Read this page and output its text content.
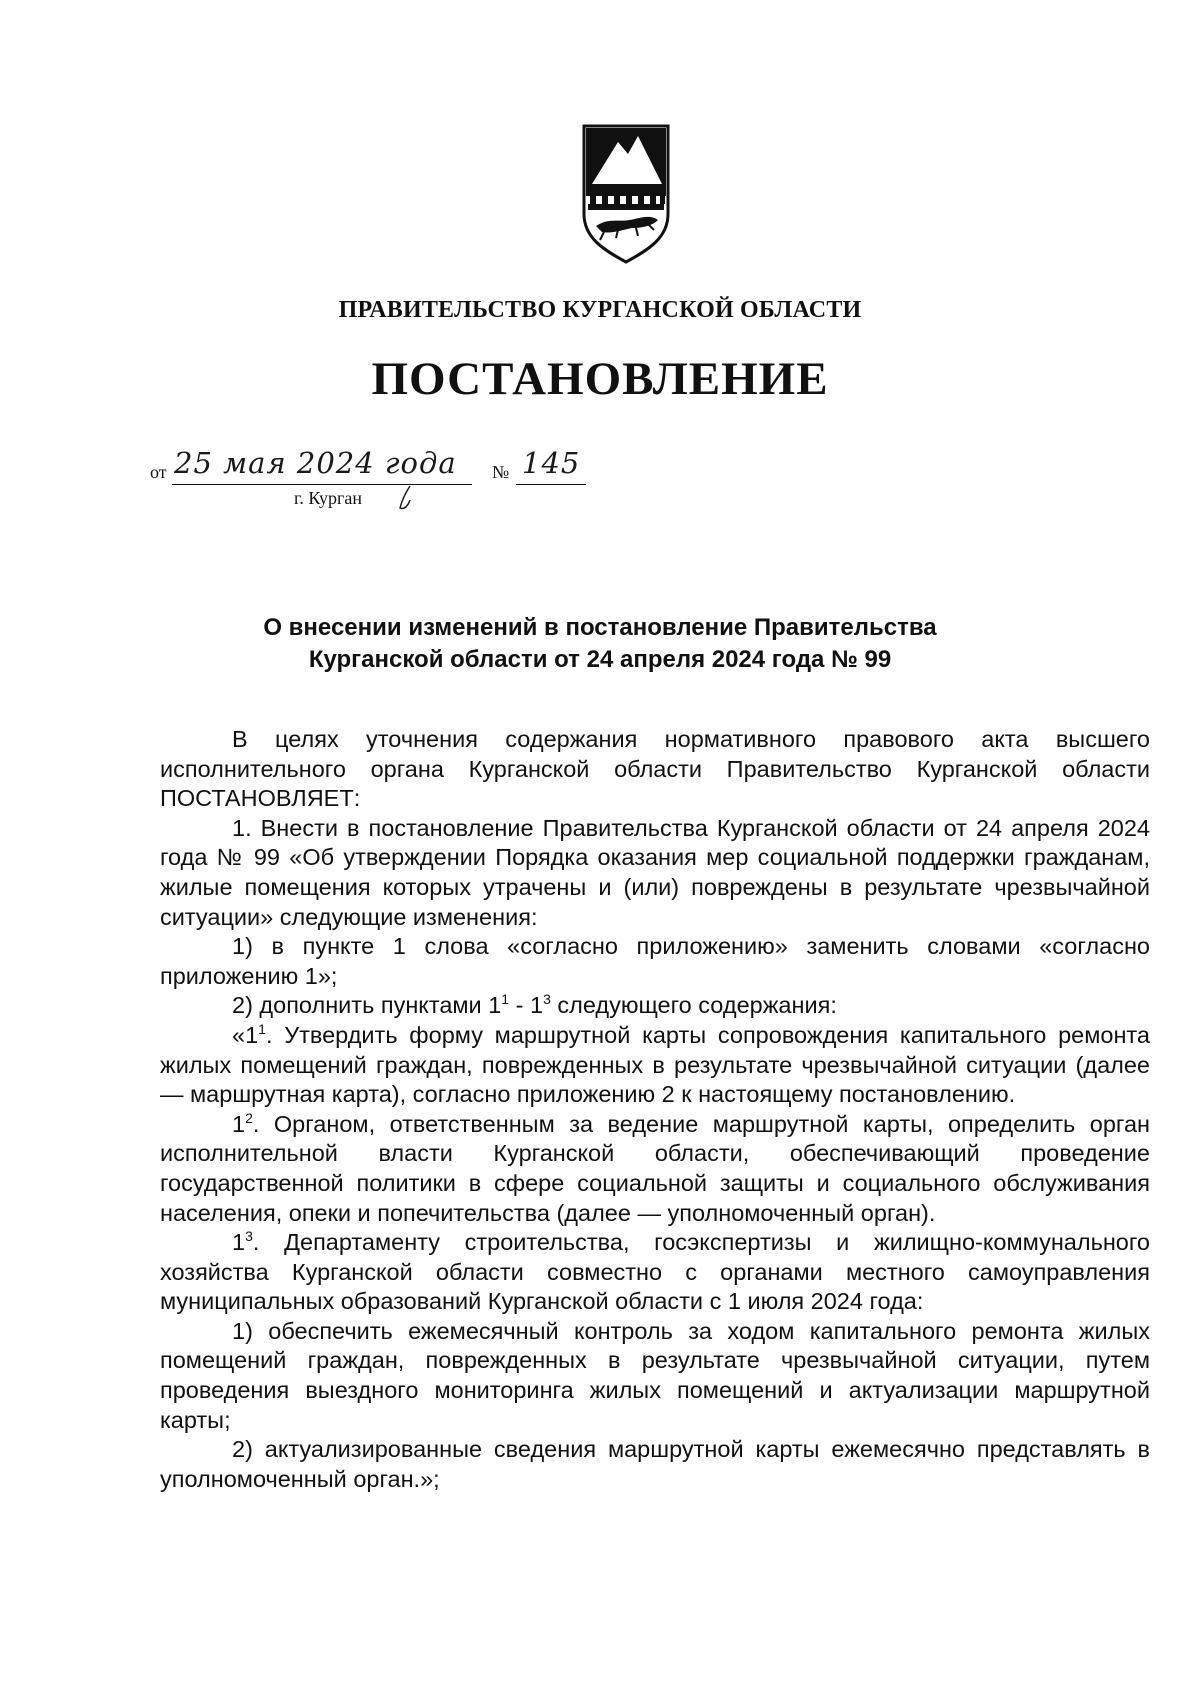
ПРАВИТЕЛЬСТВО КУРГАНСКОЙ ОБЛАСТИ
ПОСТАНОВЛЕНИЕ
от 25 мая 2024 года № 145
г. Курган
О внесении изменений в постановление Правительства
Курганской области от 24 апреля 2024 года № 99

В целях уточнения содержания нормативного правового акта высшего исполнительного органа Курганской области Правительство Курганской области ПОСТАНОВЛЯЕТ:

1. Внести в постановление Правительства Курганской области от 24 апреля 2024 года № 99 «Об утверждении Порядка оказания мер социальной поддержки гражданам, жилые помещения которых утрачены и (или) повреждены в результате чрезвычайной ситуации» следующие изменения:

1) в пункте 1 слова «согласно приложению» заменить словами «согласно приложению 1»;

2) дополнить пунктами $1^1 - 1^3$ следующего содержания:

«$1^1$. Утвердить форму маршрутной карты сопровождения капитального ремонта жилых помещений граждан, поврежденных в результате чрезвычайной ситуации (далее — маршрутная карта), согласно приложению 2 к настоящему постановлению.

$1^2$. Органом, ответственным за ведение маршрутной карты, определить орган исполнительной власти Курганской области, обеспечивающий проведение государственной политики в сфере социальной защиты и социального обслуживания населения, опеки и попечительства (далее — уполномоченный орган).

$1^3$. Департаменту строительства, госэкспертизы и жилищно-коммунального хозяйства Курганской области совместно с органами местного самоуправления муниципальных образований Курганской области с 1 июля 2024 года:

1) обеспечить ежемесячный контроль за ходом капитального ремонта жилых помещений граждан, поврежденных в результате чрезвычайной ситуации, путем проведения выездного мониторинга жилых помещений и актуализации маршрутной карты;

2) актуализированные сведения маршрутной карты ежемесячно представлять в уполномоченный орган.»;
